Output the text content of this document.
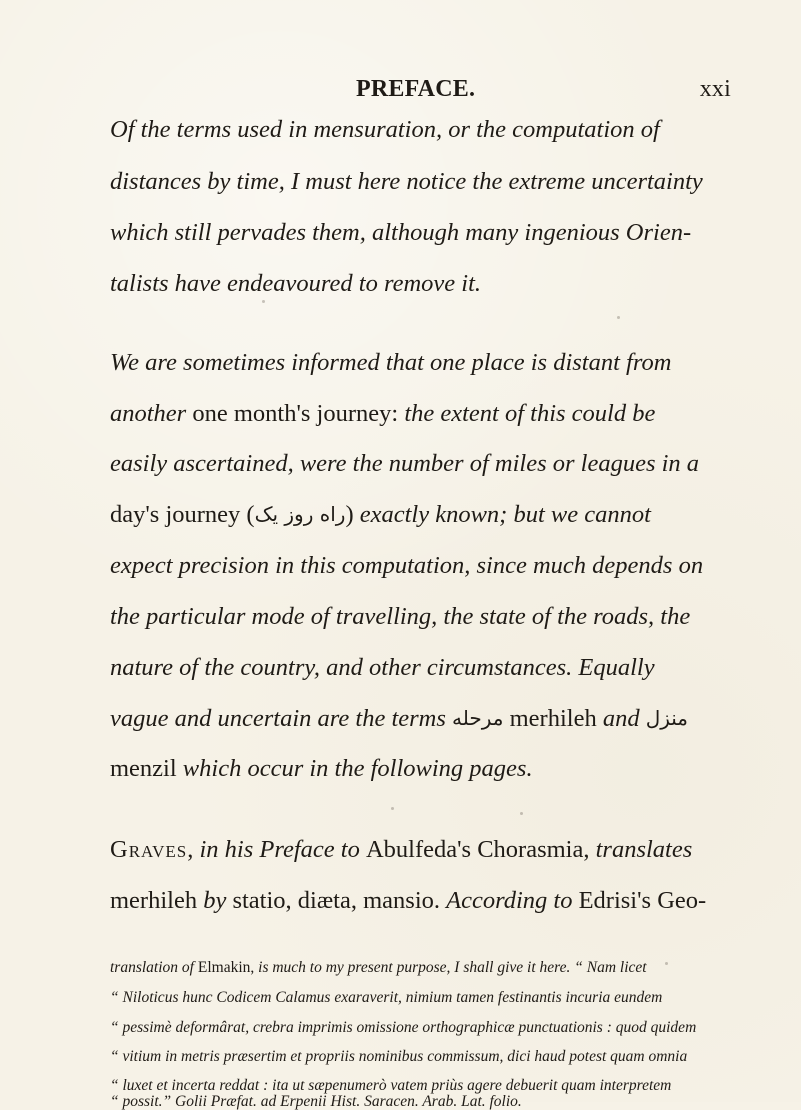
PREFACE.	xxi
Of the terms used in mensuration, or the computation of
distances by time, I must here notice the extreme uncertainty
which still pervades them, although many ingenious Orien-
talists have endeavoured to remove it.
We are sometimes informed that one place is distant from
another one month's journey: the extent of this could be
easily ascertained, were the number of miles or leagues in a
day's journey (راه روز یک) exactly known; but we cannot
expect precision in this computation, since much depends on
the particular mode of travelling, the state of the roads, the
nature of the country, and other circumstances. Equally
vague and uncertain are the terms مرحله merhileh and منزل
menzil which occur in the following pages.
Graves, in his Preface to Abulfeda's Chorasmia, translates
merhileh by statio, diæta, mansio. According to Edrisi's Geo-
translation of Elmakin, is much to my present purpose, I shall give it here. “ Nam licet
“ Niloticus hunc Codicem Calamus exaraverit, nimium tamen festinantis incuria eundem
“ pessimè deformârat, crebra imprimis omissione orthographicæ punctuationis : quod quidem
“ vitium in metris præsertim et propriis nominibus commissum, dici haud potest quam omnia
“ luxet et incerta reddat : ita ut sæpenumerò vatem priùs agere debuerit quam interpretem
“ possit.” Golii Præfat. ad Erpenii Hist. Saracen. Arab. Lat. folio.
